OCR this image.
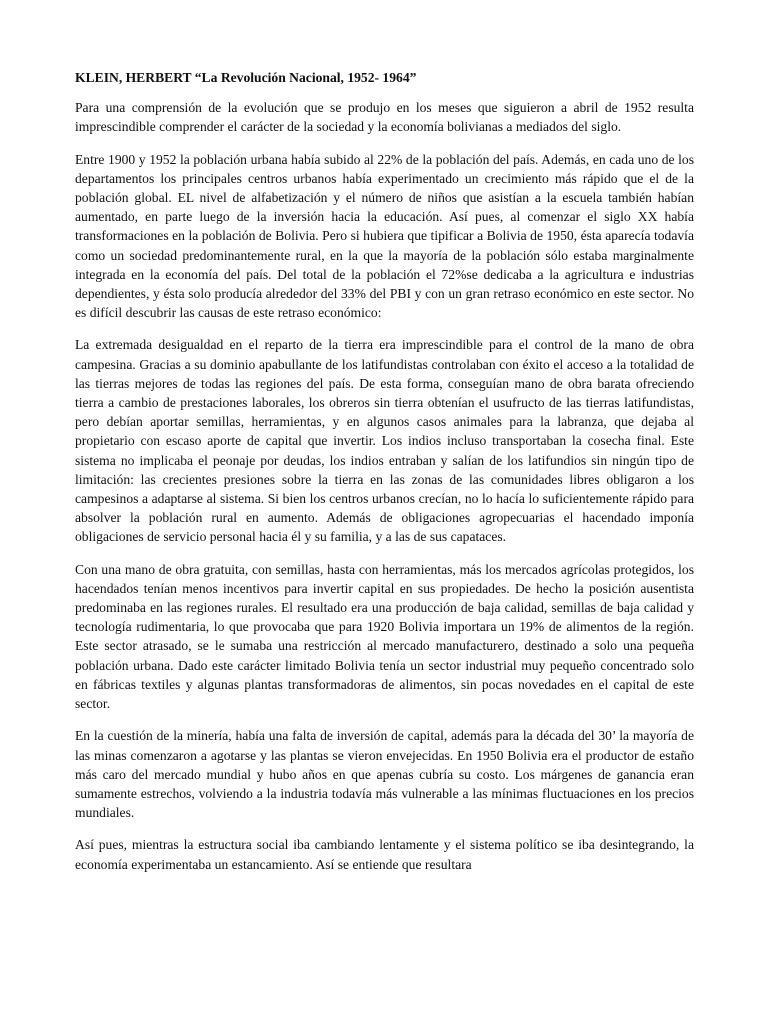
KLEIN, HERBERT “La Revolución Nacional, 1952- 1964”

Para una comprensión de la evolución que se produjo en los meses que siguieron a abril de 1952 resulta imprescindible comprender el carácter de la sociedad y la economía bolivianas a mediados del siglo.

Entre 1900 y 1952 la población urbana había subido al 22% de la población del país. Además, en cada uno de los departamentos los principales centros urbanos había experimentado un crecimiento más rápido que el de la población global. EL nivel de alfabetización y el número de niños que asistían a la escuela también habían aumentado, en parte luego de la inversión hacia la educación. Así pues, al comenzar el siglo XX había transformaciones en la población de Bolivia. Pero si hubiera que tipificar a Bolivia de 1950, ésta aparecía todavía como un sociedad predominantemente rural, en la que la mayoría de la población sólo estaba marginalmente integrada en la economía del país. Del total de la población el 72%se dedicaba a la agricultura e industrias dependientes, y ésta solo producía alrededor del 33% del PBI y con un gran retraso económico en este sector. No es difícil descubrir las causas de este retraso económico:

La extremada desigualdad en el reparto de la tierra era imprescindible para el control de la mano de obra campesina. Gracias a su dominio apabullante de los latifundistas controlaban con éxito el acceso a la totalidad de las tierras mejores de todas las regiones del país. De esta forma, conseguían mano de obra barata ofreciendo tierra a cambio de prestaciones laborales, los obreros sin tierra obtenían el usufructo de las tierras latifundistas, pero debían aportar semillas, herramientas, y en algunos casos animales para la labranza, que dejaba al propietario con escaso aporte de capital que invertir. Los indios incluso transportaban la cosecha final. Este sistema no implicaba el peonaje por deudas, los indios entraban y salían de los latifundios sin ningún tipo de limitación: las crecientes presiones sobre la tierra en las zonas de las comunidades libres obligaron a los campesinos a adaptarse al sistema. Si bien los centros urbanos crecían, no lo hacía lo suficientemente rápido para absolver la población rural en aumento. Además de obligaciones agropecuarias el hacendado imponía obligaciones de servicio personal hacia él y su familia, y a las de sus capataces.

Con una mano de obra gratuita, con semillas, hasta con herramientas, más los mercados agrícolas protegidos, los hacendados tenían menos incentivos para invertir capital en sus propiedades. De hecho la posición ausentista predominaba en las regiones rurales. El resultado era una producción de baja calidad, semillas de baja calidad y tecnología rudimentaria, lo que provocaba que para 1920 Bolivia importara un 19% de alimentos de la región. Este sector atrasado, se le sumaba una restricción al mercado manufacturero, destinado a solo una pequeña población urbana. Dado este carácter limitado Bolivia tenía un sector industrial muy pequeño concentrado solo en fábricas textiles y algunas plantas transformadoras de alimentos, sin pocas novedades en el capital de este sector.

En la cuestión de la minería, había una falta de inversión de capital, además para la década del 30’ la mayoría de las minas comenzaron a agotarse y las plantas se vieron envejecidas. En 1950 Bolivia era el productor de estaño más caro del mercado mundial y hubo años en que apenas cubría su costo. Los márgenes de ganancia eran sumamente estrechos, volviendo a la industria todavía más vulnerable a las mínimas fluctuaciones en los precios mundiales.

Así pues, mientras la estructura social iba cambiando lentamente y el sistema político se iba desintegrando, la economía experimentaba un estancamiento. Así se entiende que resultara
